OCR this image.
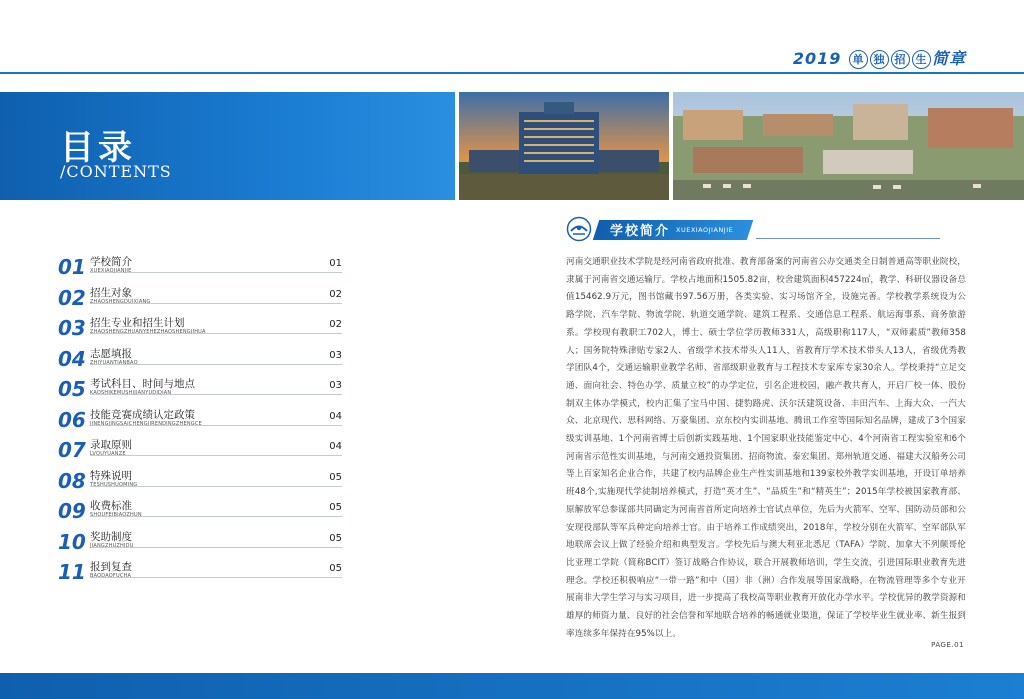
2019 单 独 招 生 简章
目录
/CONTENTS
01 学校简介
XUEXIAOJIANJIE
01
02 招生对象
ZHAOSHENGDUIXIANG
02
03 招生专业和招生计划
ZHAOSHENGZHUANYEHEZHAOSHENGJIHUA
02
04 志愿填报
ZHIYUANTIANBAO
03
05 考试科目、时间与地点
KAOSHIKEMUSHIJIANYUDIDIAN
03
06 技能竞赛成绩认定政策
JINENGJINGSAICHENGJIRENDINGZHENGCE
04
07 录取原则
LVQUYUANZE
04
08 特殊说明
TESHUSHUOMING
05
09 收费标准
SHOUFEIBIAOZHUN
05
10 奖助制度
JIANGZHUZHIDU
05
11 报到复查
BAODAOFUCHA
05
学校简介 XUEXIAOJIANJIE
河南交通职业技术学院是经河南省政府批准、教育部备案的河南省公办交通类全日制普通高等职业院校，隶属于河南省交通运输厅。学校占地面积1505.82亩，校舍建筑面积457224㎡，教学、科研仪器设备总值15462.9万元，图书馆藏书97.56万册，各类实验、实习场馆齐全，设施完善。学校教学系统设为公路学院、汽车学院、物流学院、轨道交通学院、建筑工程系、交通信息工程系、航运海事系、商务旅游系。学校现有教职工702人，博士、硕士学位学历教师331人，高级职称117人，“双师素质”教师358人；国务院特殊津贴专家2人、省级学术技术带头人11人，省教育厅学术技术带头人13人，省级优秀教学团队4个，交通运输职业教学名师、省部级职业教育与工程技术专家库专家30余人。学校秉持“立足交通、面向社会、特色办学、质量立校”的办学定位，引名企进校园，融产教共育人，开启厂校一体、股份制双主体办学模式，校内汇集了宝马中国、捷豹路虎、沃尔沃建筑设备、丰田汽车、上海大众、一汽大众、北京现代、思科网络、万豪集团、京东校内实训基地、腾讯工作室等国际知名品牌，建成了3个国家级实训基地、1个河南省博士后创新实践基地、1个国家职业技能鉴定中心、4个河南省工程实验室和6个河南省示范性实训基地，与河南交通投资集团、招商物流、泰宏集团、郑州轨道交通、福建大汉船务公司等上百家知名企业合作，共建了校内品牌企业生产性实训基地和139家校外教学实训基地，开设订单培养班48个,实施现代学徒制培养模式，打造“英才生”、“品质生”和“精英生”；2015年学校被国家教育部、原解放军总参谋部共同确定为河南省首所定向培养士官试点单位，先后为火箭军、空军、国防动员部和公安现役部队等军兵种定向培养士官。由于培养工作成绩突出，2018年，学校分别在火箭军、空军部队军地联席会议上做了经验介绍和典型发言。学校先后与澳大利亚北悉尼（TAFA）学院、加拿大不列颠哥伦比亚理工学院（简称BCIT）签订战略合作协议，联合开展教师培训，学生交流，引进国际职业教育先进理念。学校还积极响应“一带一路”和中（国）非（洲）合作发展等国家战略，在物流管理等多个专业开展南非大学生学习与实习项目，进一步提高了我校高等职业教育开放化办学水平。学校优异的教学资源和雄厚的师资力量、良好的社会信誉和军地联合培养的畅通就业渠道，保证了学校毕业生就业率、新生报到率连续多年保持在95%以上。
PAGE.01
